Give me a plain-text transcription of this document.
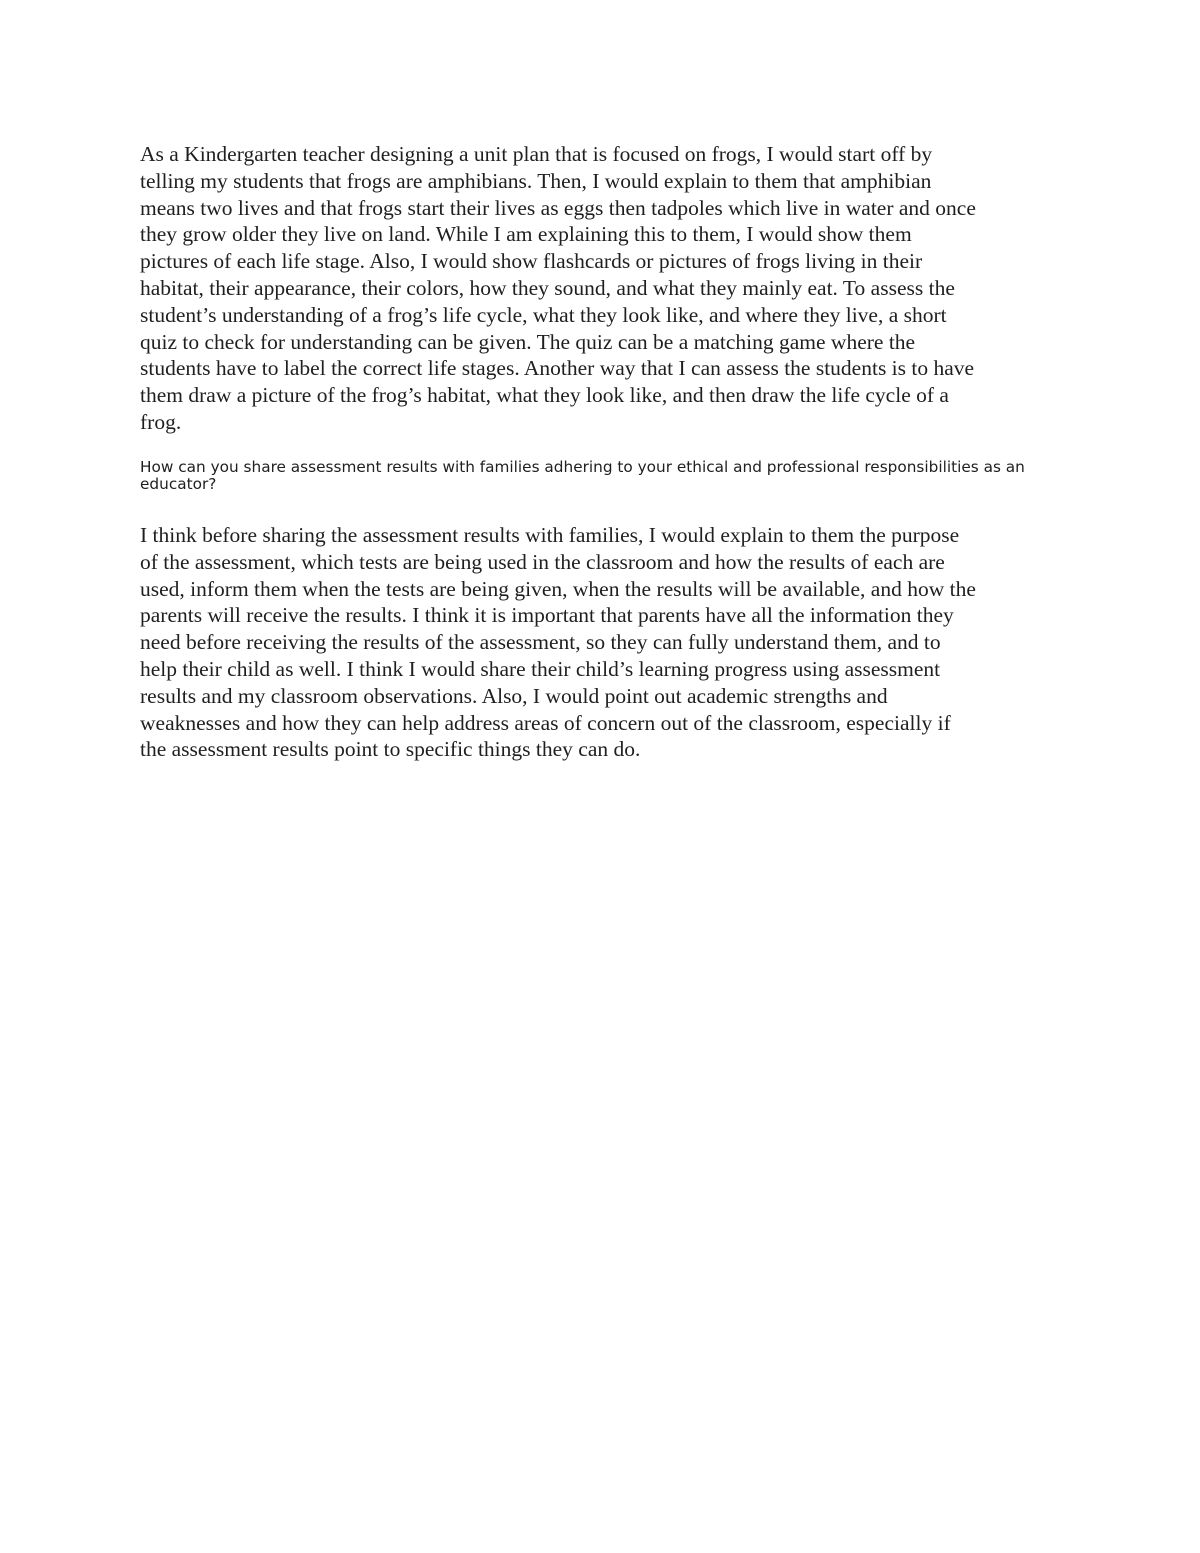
As a Kindergarten teacher designing a unit plan that is focused on frogs, I would start off by
telling my students that frogs are amphibians. Then, I would explain to them that amphibian
means two lives and that frogs start their lives as eggs then tadpoles which live in water and once
they grow older they live on land. While I am explaining this to them, I would show them
pictures of each life stage. Also, I would show flashcards or pictures of frogs living in their
habitat, their appearance, their colors, how they sound, and what they mainly eat. To assess the
student’s understanding of a frog’s life cycle, what they look like, and where they live, a short
quiz to check for understanding can be given. The quiz can be a matching game where the
students have to label the correct life stages. Another way that I can assess the students is to have
them draw a picture of the frog’s habitat, what they look like, and then draw the life cycle of a
frog.

How can you share assessment results with families adhering to your ethical and professional responsibilities as an
educator?

I think before sharing the assessment results with families, I would explain to them the purpose
of the assessment, which tests are being used in the classroom and how the results of each are
used, inform them when the tests are being given, when the results will be available, and how the
parents will receive the results. I think it is important that parents have all the information they
need before receiving the results of the assessment, so they can fully understand them, and to
help their child as well. I think I would share their child’s learning progress using assessment
results and my classroom observations. Also, I would point out academic strengths and
weaknesses and how they can help address areas of concern out of the classroom, especially if
the assessment results point to specific things they can do.
